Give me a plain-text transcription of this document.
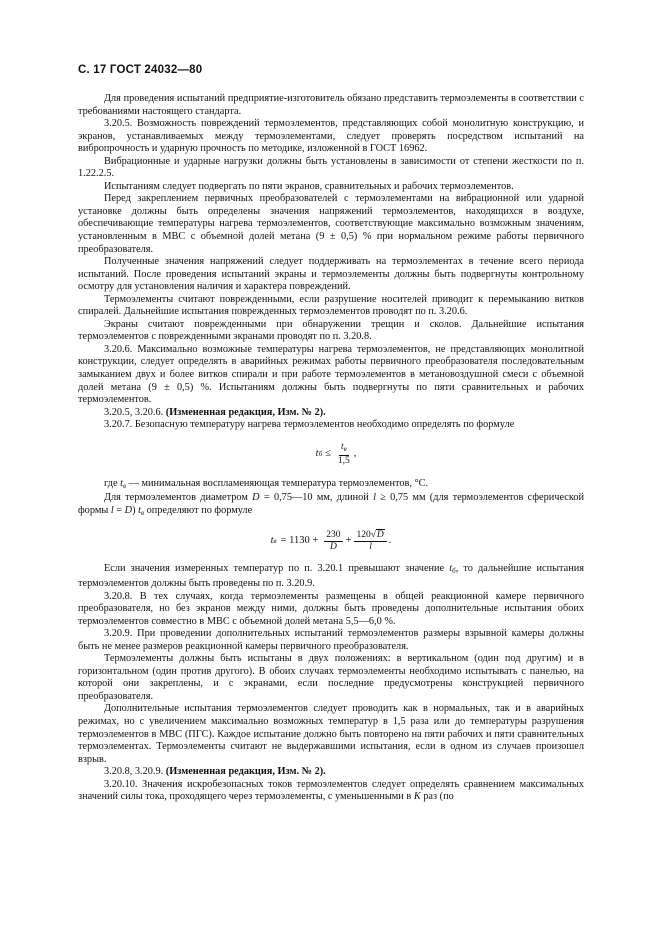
С. 17 ГОСТ 24032—80

Для проведения испытаний предприятие-изготовитель обязано представить термоэлементы в соответствии с требованиями настоящего стандарта.

3.20.5. Возможность повреждений термоэлементов, представляющих собой монолитную конструкцию, и экранов, устанавливаемых между термоэлементами, следует проверять посредством испытаний на вибропрочность и ударную прочность по методике, изложенной в ГОСТ 16962.

Вибрационные и ударные нагрузки должны быть установлены в зависимости от степени жесткости по п. 1.22.2.5.

Испытаниям следует подвергать по пяти экранов, сравнительных и рабочих термоэлементов.

Перед закреплением первичных преобразователей с термоэлементами на вибрационной или ударной установке должны быть определены значения напряжений термоэлементов, находящихся в воздухе, обеспечивающие температуры нагрева термоэлементов, соответствующие максимально возможным значениям, установленным в МВС с объемной долей метана (9 ± 0,5) % при нормальном режиме работы первичного преобразователя.

Полученные значения напряжений следует поддерживать на термоэлементах в течение всего периода испытаний. После проведения испытаний экраны и термоэлементы должны быть подвергнуты контрольному осмотру для установления наличия и характера повреждений.

Термоэлементы считают поврежденными, если разрушение носителей приводит к перемыканию витков спиралей. Дальнейшие испытания поврежденных термоэлементов проводят по п. 3.20.6.

Экраны считают поврежденными при обнаружении трещин и сколов. Дальнейшие испытания термоэлементов с поврежденными экранами проводят по п. 3.20.8.

3.20.6. Максимально возможные температуры нагрева термоэлементов, не представляющих монолитной конструкции, следует определять в аварийных режимах работы первичного преобразователя последовательным замыканием двух и более витков спирали и при работе термоэлементов в метановоздушной смеси с объемной долей метана (9 ± 0,5) %. Испытаниям должны быть подвергнуты по пяти сравнительных и рабочих термоэлементов.

3.20.5, 3.20.6. (Измененная редакция, Изм. № 2).

3.20.7. Безопасную температуру нагрева термоэлементов необходимо определять по формуле

t $б \le \frac{t_в}{1,5}$ ,

где $t_в$ — минимальная воспламеняющая температура термоэлементов, °С.

Для термоэлементов диаметром D = 0,75—10 мм, длиной l ≥ 0,75 мм (для термоэлементов сферической формы l = D) $t_в$ определяют по формуле

t $в = 1130 + \frac{230}{D} + \frac{120√D}{l}$ .

Если значения измеренных температур по п. 3.20.1 превышают значение $t_б$, то дальнейшие испытания термоэлементов должны быть проведены по п. 3.20.9.

3.20.8. В тех случаях, когда термоэлементы размещены в общей реакционной камере первичного преобразователя, но без экранов между ними, должны быть проведены дополнительные испытания обоих термоэлементов совместно в МВС с объемной долей метана 5,5—6,0 %.

3.20.9. При проведении дополнительных испытаний термоэлементов размеры взрывной камеры должны быть не менее размеров реакционной камеры первичного преобразователя.

Термоэлементы должны быть испытаны в двух положениях: в вертикальном (один под другим) и в горизонтальном (один против другого). В обоих случаях термоэлементы необходимо испытывать с панелью, на которой они закреплены, и с экранами, если последние предусмотрены конструкцией первичного преобразователя.

Дополнительные испытания термоэлементов следует проводить как в нормальных, так и в аварийных режимах, но с увеличением максимально возможных температур в 1,5 раза или до температуры разрушения термоэлементов в МВС (ПГС). Каждое испытание должно быть повторено на пяти рабочих и пяти сравнительных термоэлементах. Термоэлементы считают не выдержавшими испытания, если в одном из случаев произошел взрыв.

3.20.8, 3.20.9. (Измененная редакция, Изм. № 2).

3.20.10. Значения искробезопасных токов термоэлементов следует определять сравнением максимальных значений силы тока, проходящего через термоэлементы, с уменьшенными в K раз (по
